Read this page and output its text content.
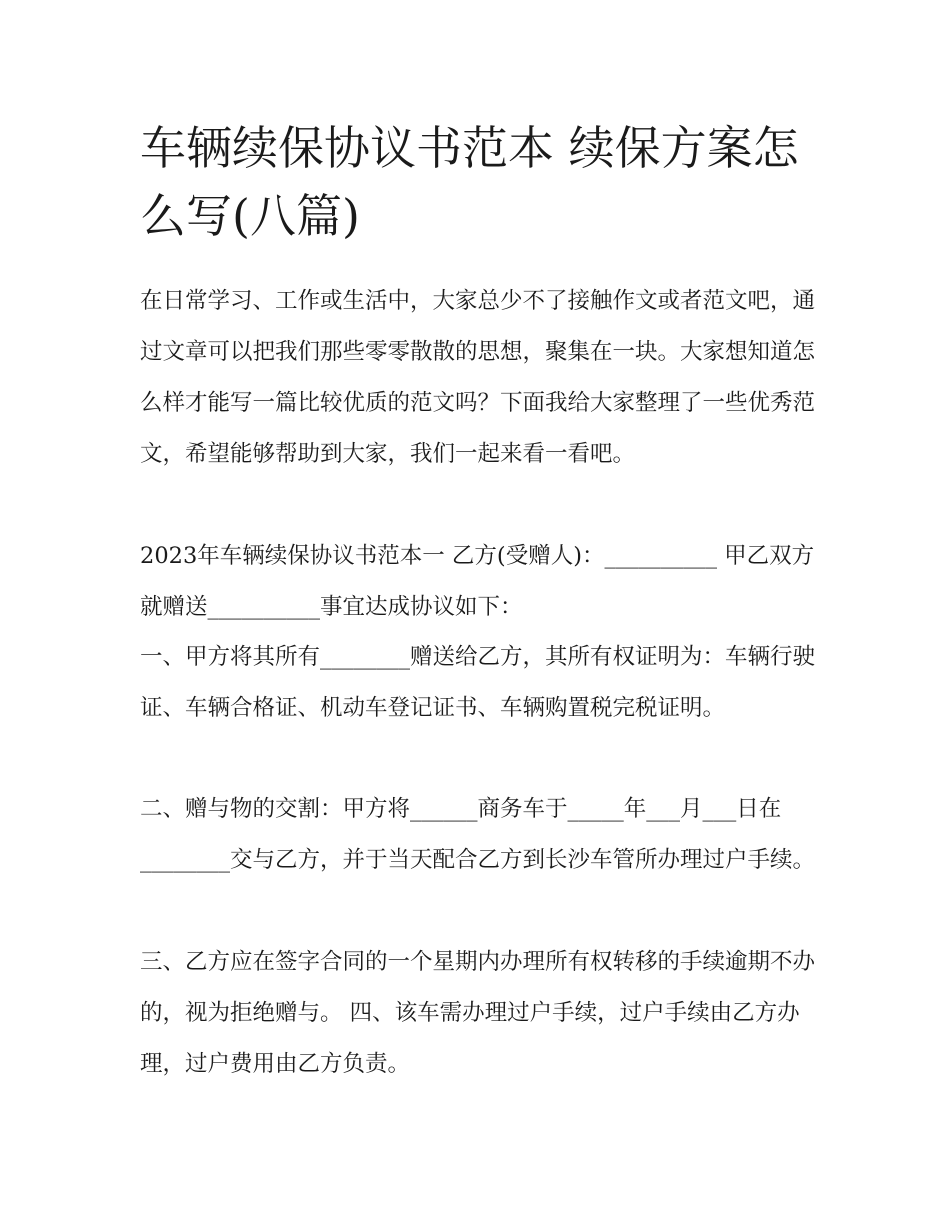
车辆续保协议书范本 续保方案怎么写(八篇)

在日常学习、工作或生活中，大家总少不了接触作文或者范文吧，通过文章可以把我们那些零零散散的思想，聚集在一块。大家想知道怎么样才能写一篇比较优质的范文吗？下面我给大家整理了一些优秀范文，希望能够帮助到大家，我们一起来看一看吧。

2023年车辆续保协议书范本一 乙方(受赠人)：__________ 甲乙双方就赠送__________事宜达成协议如下：

一、甲方将其所有________赠送给乙方，其所有权证明为：车辆行驶证、车辆合格证、机动车登记证书、车辆购置税完税证明。

二、赠与物的交割：甲方将______商务车于_____年___月___日在________交与乙方，并于当天配合乙方到长沙车管所办理过户手续。

三、乙方应在签字合同的一个星期内办理所有权转移的手续逾期不办的，视为拒绝赠与。 四、该车需办理过户手续，过户手续由乙方办理，过户费用由乙方负责。
